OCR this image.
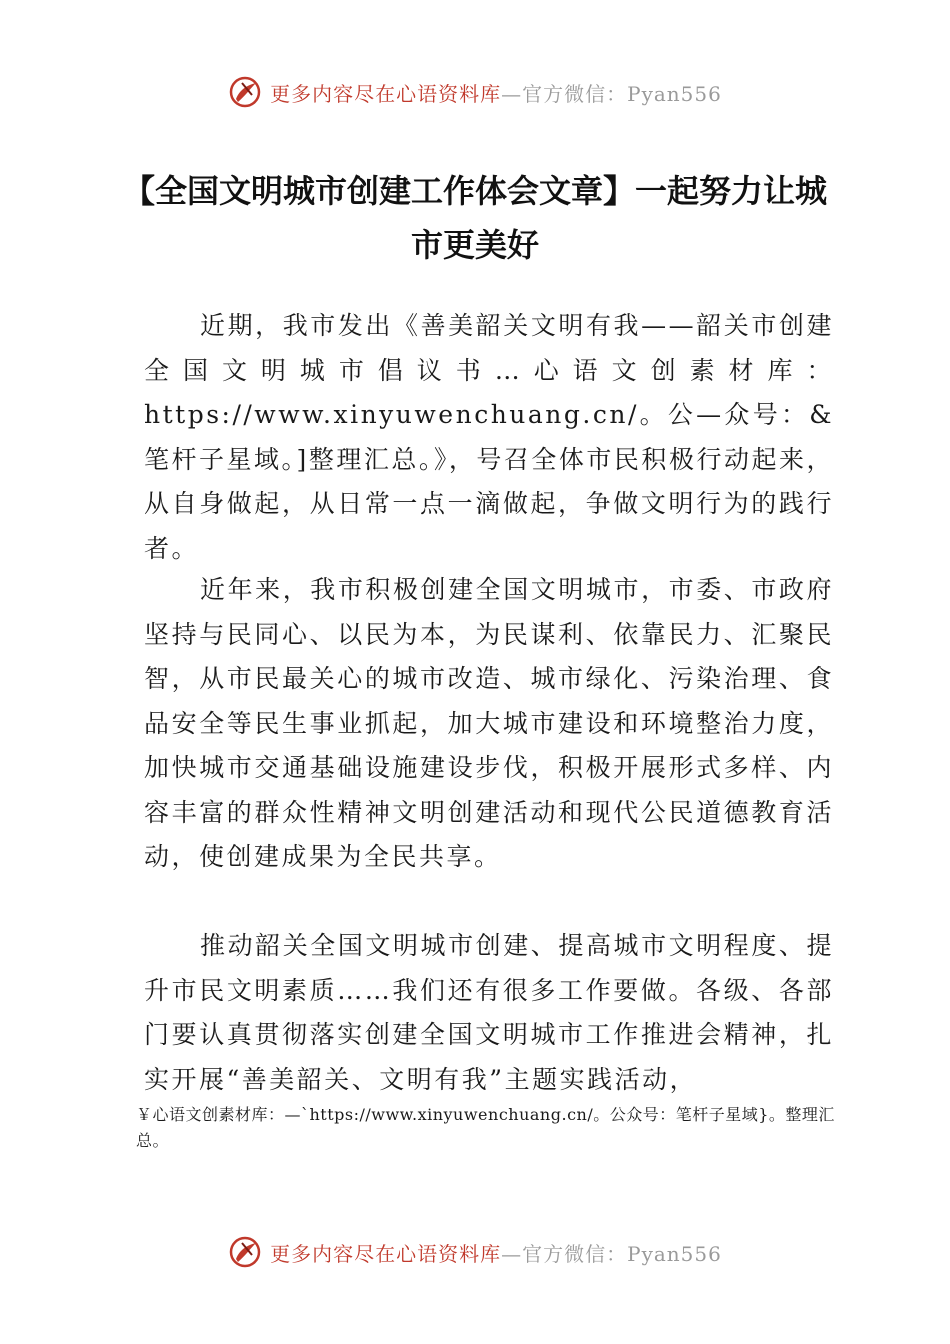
更多内容尽在心语资料库—官方微信：Pyan556
【全国文明城市创建工作体会文章】一起努力让城市更美好

近期，我市发出《善美韶关文明有我——韶关市创建全国文明城市倡议书…心语文创素材库：https://www.xinyuwenchuang.cn/。公—众号：&笔杆子星域。]整理汇总。》，号召全体市民积极行动起来， 从自身做起，从日常一点一滴做起，争做文明行为的践行者。

近年来，我市积极创建全国文明城市，市委、市政府坚持与民同心、以民为本，为民谋利、依靠民力、汇聚民智，从市民最关心的城市改造、城市绿化、污染治理、食品安全等民生事业抓起，加大城市建设和环境整治力度，加快城市交通基础设施建设步伐，积极开展形式多样、内容丰富的群众性精神文明创建活动和现代公民道德教育活动，使创建成果为全民共享。

推动韶关全国文明城市创建、提高城市文明程度、提升市民文明素质……我们还有很多工作要做。各级、各部门要认真贯彻落实创建全国文明城市工作推进会精神，扎实开展“善美韶关、文明有我”主题实践活动，

￥心语文创素材库：—`https://www.xinyuwenchuang.cn/。公众号：笔杆子星域}。整理汇总。

更多内容尽在心语资料库—官方微信：Pyan556
